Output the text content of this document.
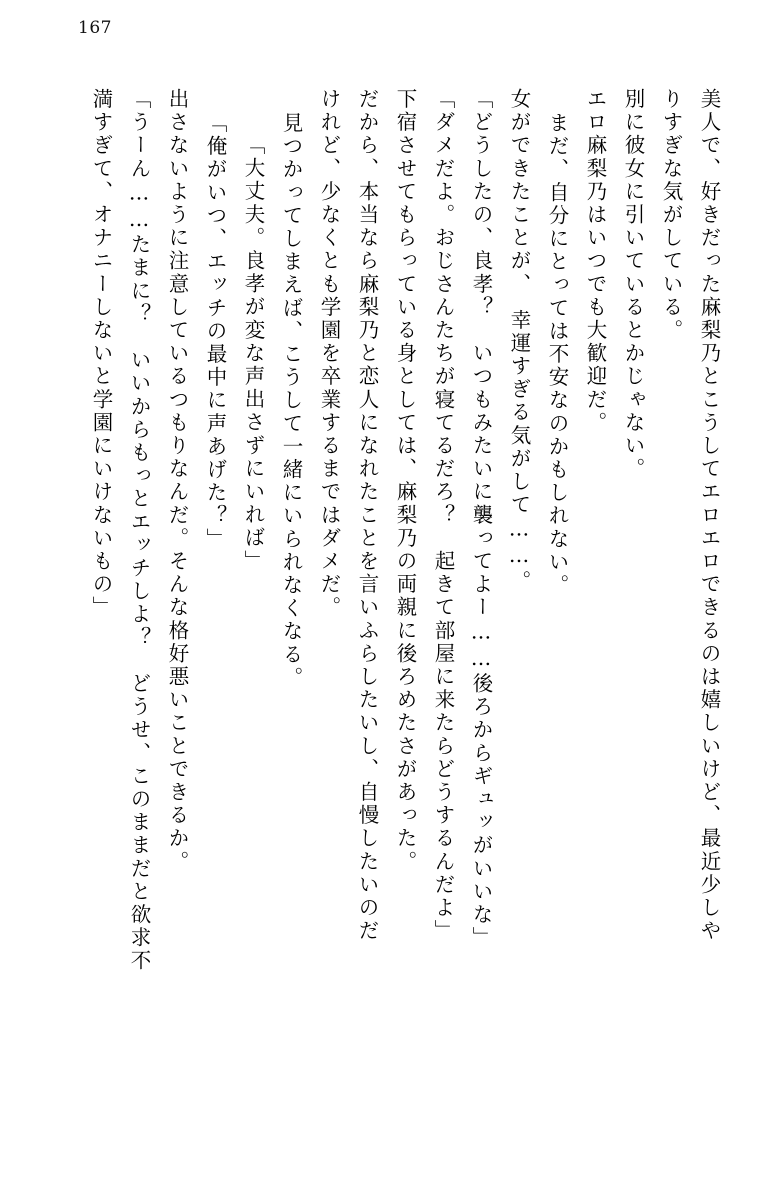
167
美人で、好きだった麻梨乃とこうしてエロエロできるのは嬉しいけど、最近少しや
りすぎな気がしている。
別に彼女に引いているとかじゃない。
エロ麻梨乃はいつでも大歓迎だ。
まだ、自分にとっては不安なのかもしれない。
女ができたことが、　幸運すぎる気がして……。
「どうしたの、良孝？　いつもみたいに襲ってよー……後ろからギュッがいいな」
「ダメだよ。おじさんたちが寝てるだろ？　起きて部屋に来たらどうするんだよ」
下宿させてもらっている身としては、麻梨乃の両親に後ろめたさがあった。
だから、本当なら麻梨乃と恋人になれたことを言いふらしたいし、自慢したいのだ
けれど、少なくとも学園を卒業するまではダメだ。
見つかってしまえば、こうして一緒にいられなくなる。
「大丈夫。良孝が変な声出さずにいれば」
「俺がいつ、エッチの最中に声あげた？」
出さないように注意しているつもりなんだ。そんな格好悪いことできるか。
「うーん……たまに？　いいからもっとエッチしよ？　どうせ、このままだと欲求不
満すぎて、オナニーしないと学園にいけないもの」
